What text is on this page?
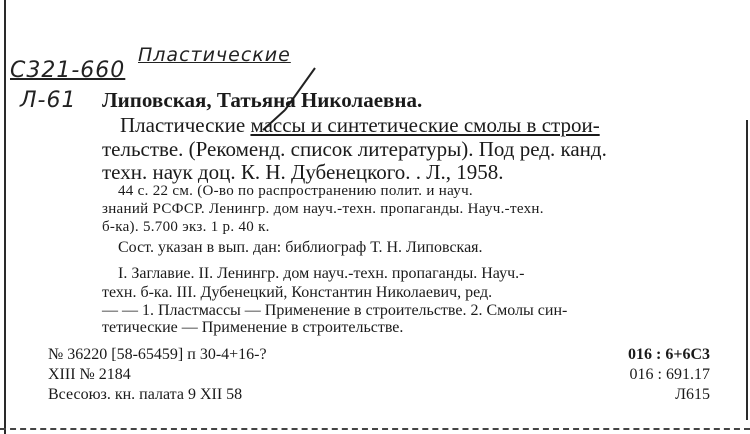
С321-660
Пластические
Л-61 Липовская, Татьяна Николаевна.
Пластические массы и синтетические смолы в строи-
тельстве. (Рекоменд. список литературы). Под ред. канд.
техн. наук доц. К. Н. Дубенецкого. . Л., 1958.
44 с. 22 см. (О-во по распространению полит. и науч.
знаний РСФСР. Ленингр. дом науч.-техн. пропаганды. Науч.-техн.
б-ка). 5.700 экз. 1 р. 40 к.
Сост. указан в вып. дан: библиограф Т. Н. Липовская.
I. Заглавие. II. Ленингр. дом науч.-техн. пропаганды. Науч.-
техн. б-ка. III. Дубенецкий, Константин Николаевич, ред.
— — 1. Пластмассы — Применение в строительстве. 2. Смолы син-
тетические — Применение в строительстве.
№ 36220 [58-65459] п 30-4+16-?
XIII № 2184
Всесоюз. кн. палата 9 XII 58
016 : 6+6С3
016 : 691.17
Л615
